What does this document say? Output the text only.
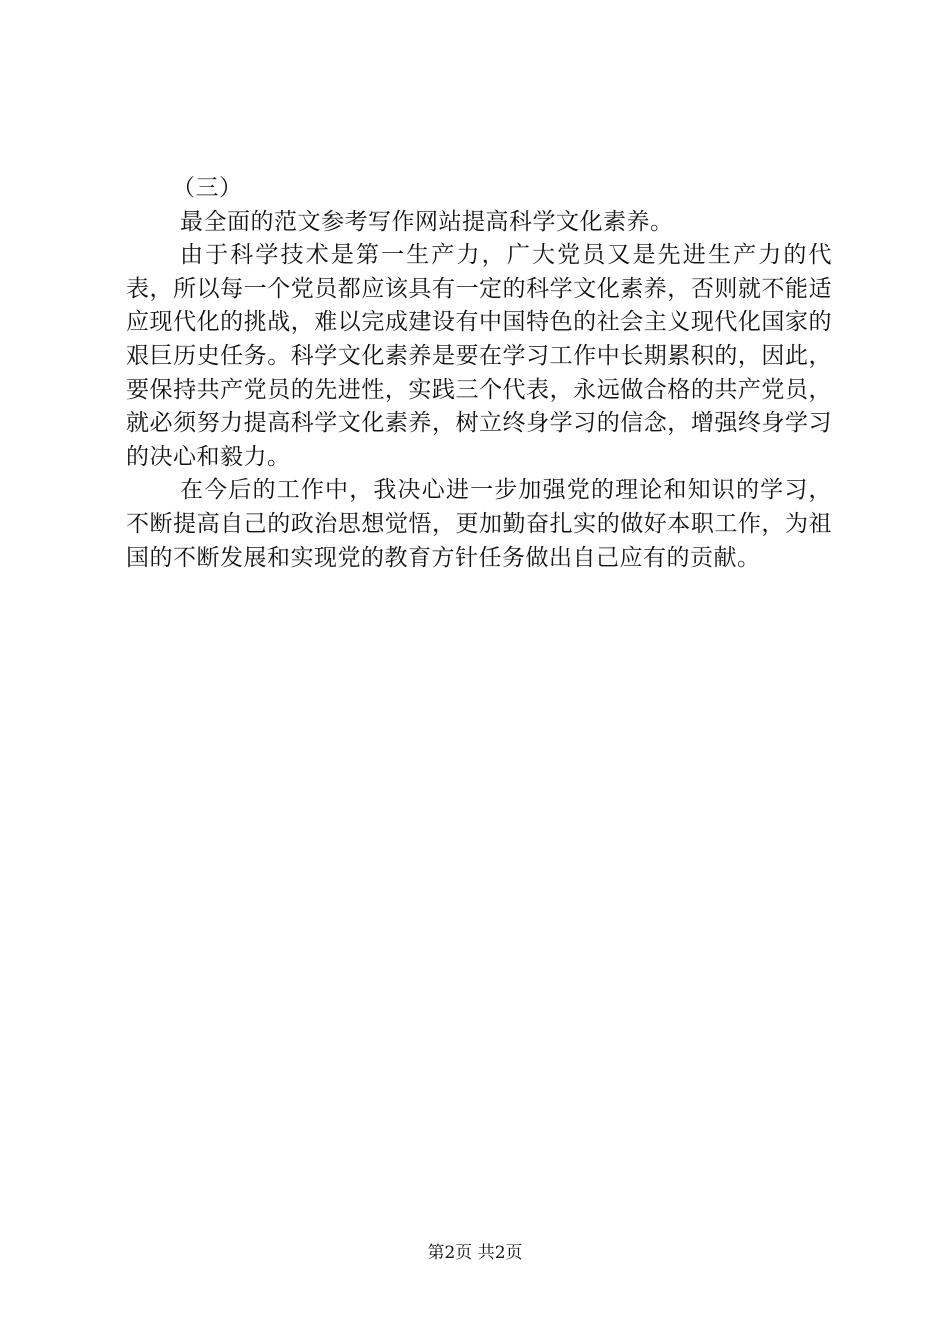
（三）

最全面的范文参考写作网站提高科学文化素养。

由于科学技术是第一生产力，广大党员又是先进生产力的代表，所以每一个党员都应该具有一定的科学文化素养，否则就不能适应现代化的挑战，难以完成建设有中国特色的社会主义现代化国家的艰巨历史任务。科学文化素养是要在学习工作中长期累积的，因此，要保持共产党员的先进性，实践三个代表，永远做合格的共产党员，就必须努力提高科学文化素养，树立终身学习的信念，增强终身学习的决心和毅力。

在今后的工作中，我决心进一步加强党的理论和知识的学习，不断提高自己的政治思想觉悟，更加勤奋扎实的做好本职工作，为祖国的不断发展和实现党的教育方针任务做出自己应有的贡献。

第2页 共2页
